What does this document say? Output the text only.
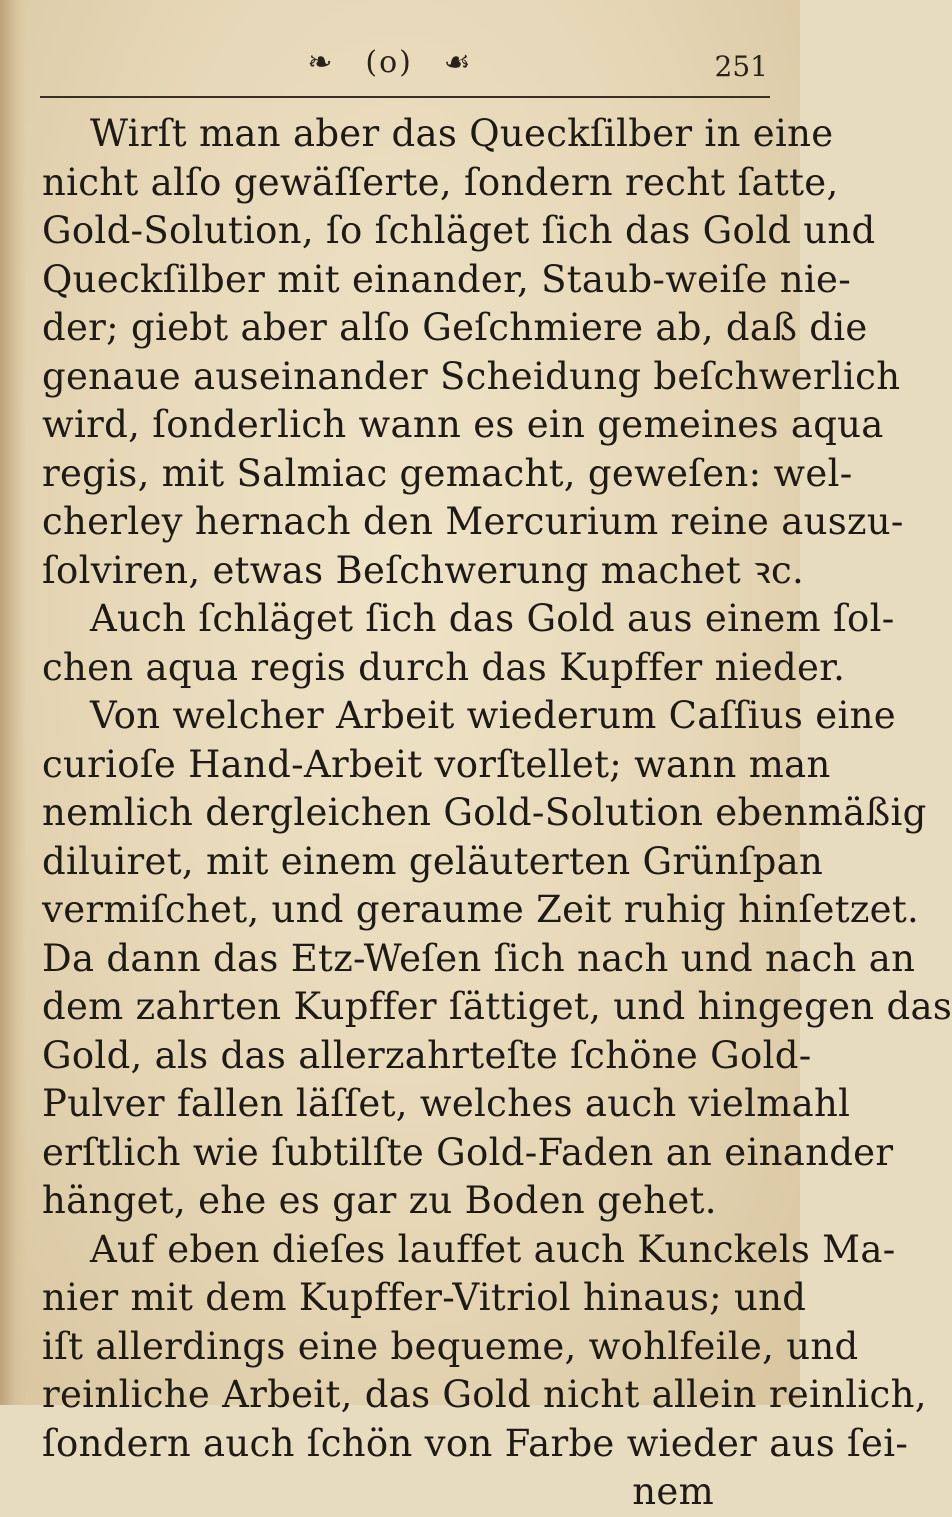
❧ (o) ☙	251
Wirſt man aber das Queckſilber in eine
nicht alſo gewäſſerte, ſondern recht ſatte,
Gold-Solution, ſo ſchläget ſich das Gold und
Queckſilber mit einander, Staub-weiſe nie-
der; giebt aber alſo Geſchmiere ab, daß die
genaue auseinander Scheidung beſchwerlich
wird, ſonderlich wann es ein gemeines aqua
regis, mit Salmiac gemacht, geweſen: wel-
cherley hernach den Mercurium reine auszu-
ſolviren, etwas Beſchwerung machet ꝛc.
Auch ſchläget ſich das Gold aus einem ſol-
chen aqua regis durch das Kupffer nieder.
Von welcher Arbeit wiederum Caſſius eine
curioſe Hand-Arbeit vorſtellet; wann man
nemlich dergleichen Gold-Solution ebenmäßig
diluiret, mit einem geläuterten Grünſpan
vermiſchet, und geraume Zeit ruhig hinſetzet.
Da dann das Etz-Weſen ſich nach und nach an
dem zahrten Kupffer ſättiget, und hingegen das
Gold, als das allerzahrteſte ſchöne Gold-
Pulver fallen läſſet, welches auch vielmahl
erſtlich wie ſubtilſte Gold-Faden an einander
hänget, ehe es gar zu Boden gehet.
Auf eben dieſes lauffet auch Kunckels Ma-
nier mit dem Kupffer-Vitriol hinaus; und
iſt allerdings eine bequeme, wohlfeile, und
reinliche Arbeit, das Gold nicht allein reinlich,
ſondern auch ſchön von Farbe wieder aus ſei-
nem
